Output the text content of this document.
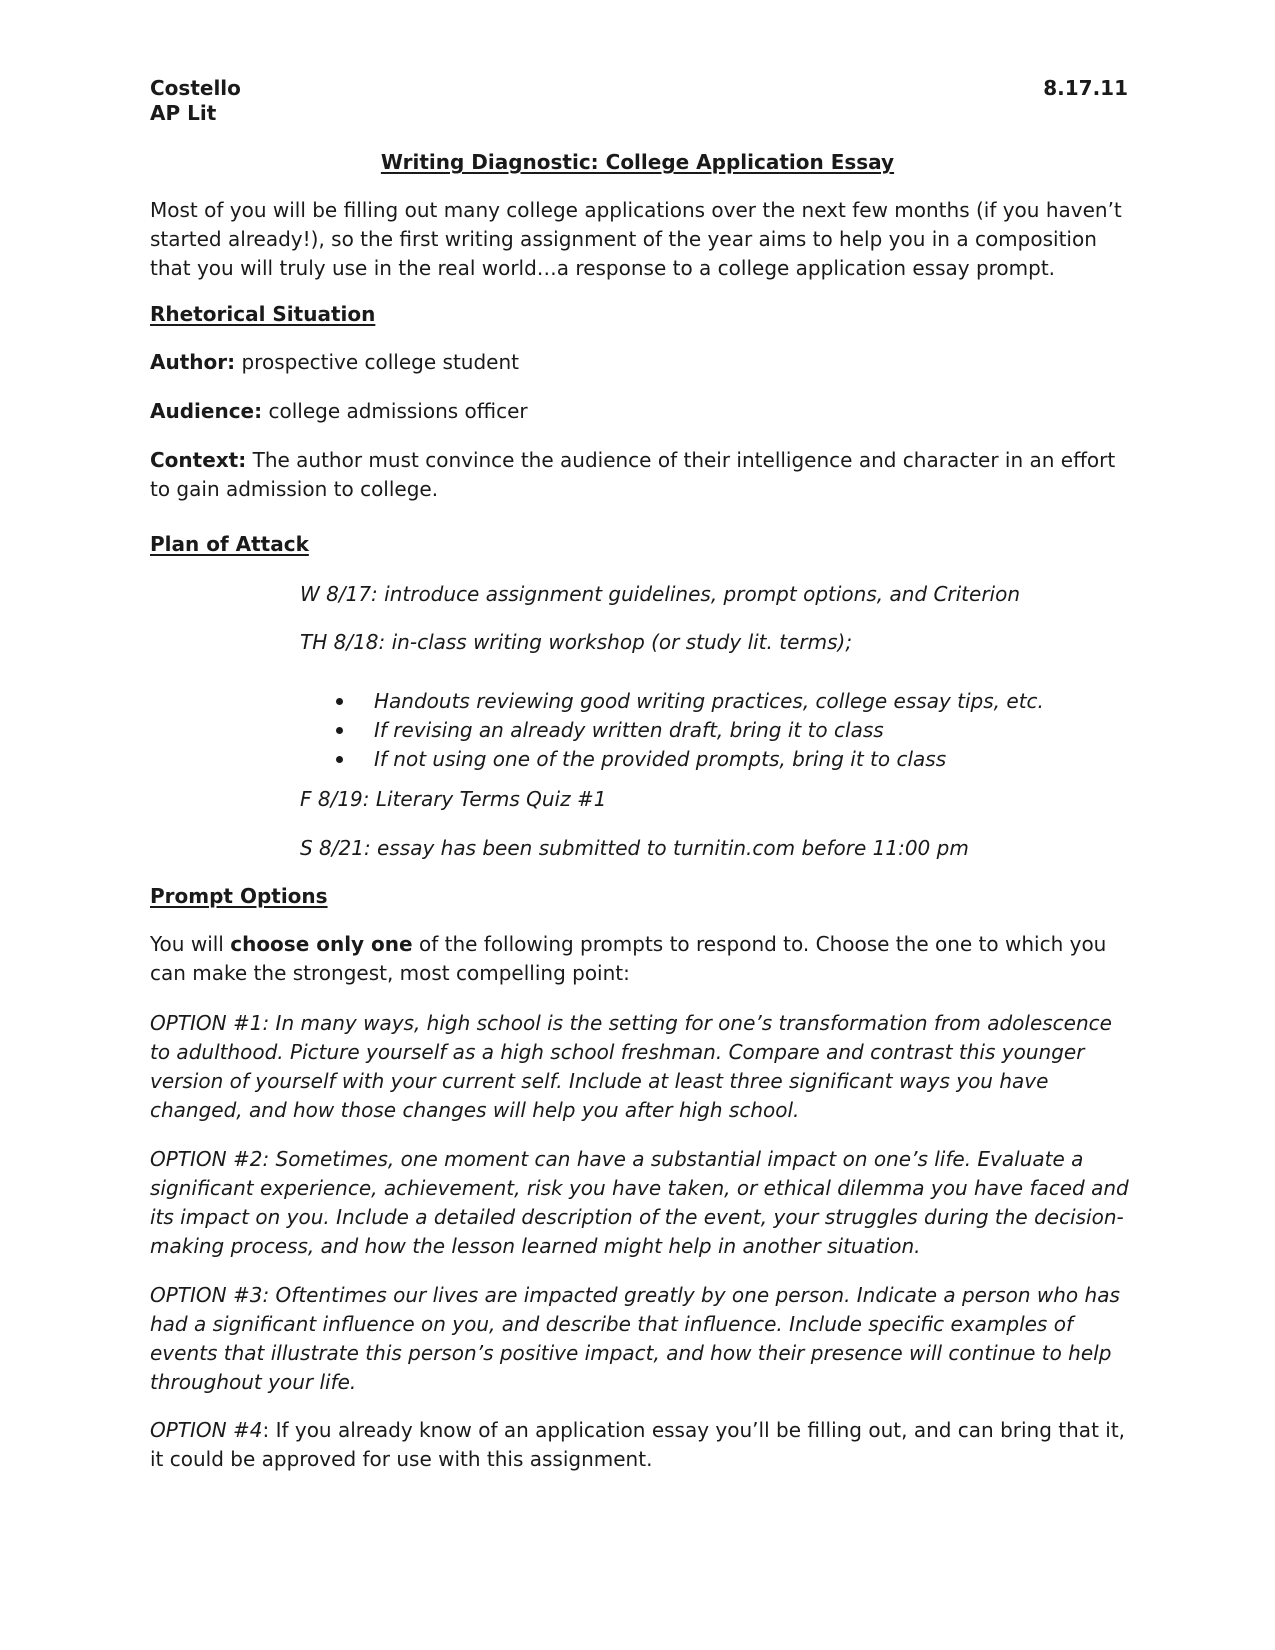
Costello
AP Lit
8.17.11
Writing Diagnostic: College Application Essay

Most of you will be filling out many college applications over the next few months (if you haven’t started already!), so the first writing assignment of the year aims to help you in a composition that you will truly use in the real world…a response to a college application essay prompt.

Rhetorical Situation

Author: prospective college student

Audience: college admissions officer

Context: The author must convince the audience of their intelligence and character in an effort to gain admission to college.

Plan of Attack

W 8/17: introduce assignment guidelines, prompt options, and Criterion

TH 8/18: in-class writing workshop (or study lit. terms);

Handouts reviewing good writing practices, college essay tips, etc.
If revising an already written draft, bring it to class
If not using one of the provided prompts, bring it to class

F 8/19: Literary Terms Quiz #1

S 8/21: essay has been submitted to turnitin.com before 11:00 pm

Prompt Options

You will choose only one of the following prompts to respond to. Choose the one to which you can make the strongest, most compelling point:

OPTION #1: In many ways, high school is the setting for one’s transformation from adolescence to adulthood. Picture yourself as a high school freshman. Compare and contrast this younger version of yourself with your current self. Include at least three significant ways you have changed, and how those changes will help you after high school.

OPTION #2: Sometimes, one moment can have a substantial impact on one’s life. Evaluate a significant experience, achievement, risk you have taken, or ethical dilemma you have faced and its impact on you. Include a detailed description of the event, your struggles during the decision-making process, and how the lesson learned might help in another situation.

OPTION #3: Oftentimes our lives are impacted greatly by one person. Indicate a person who has had a significant influence on you, and describe that influence. Include specific examples of events that illustrate this person’s positive impact, and how their presence will continue to help throughout your life.

OPTION #4: If you already know of an application essay you’ll be filling out, and can bring that it, it could be approved for use with this assignment.
